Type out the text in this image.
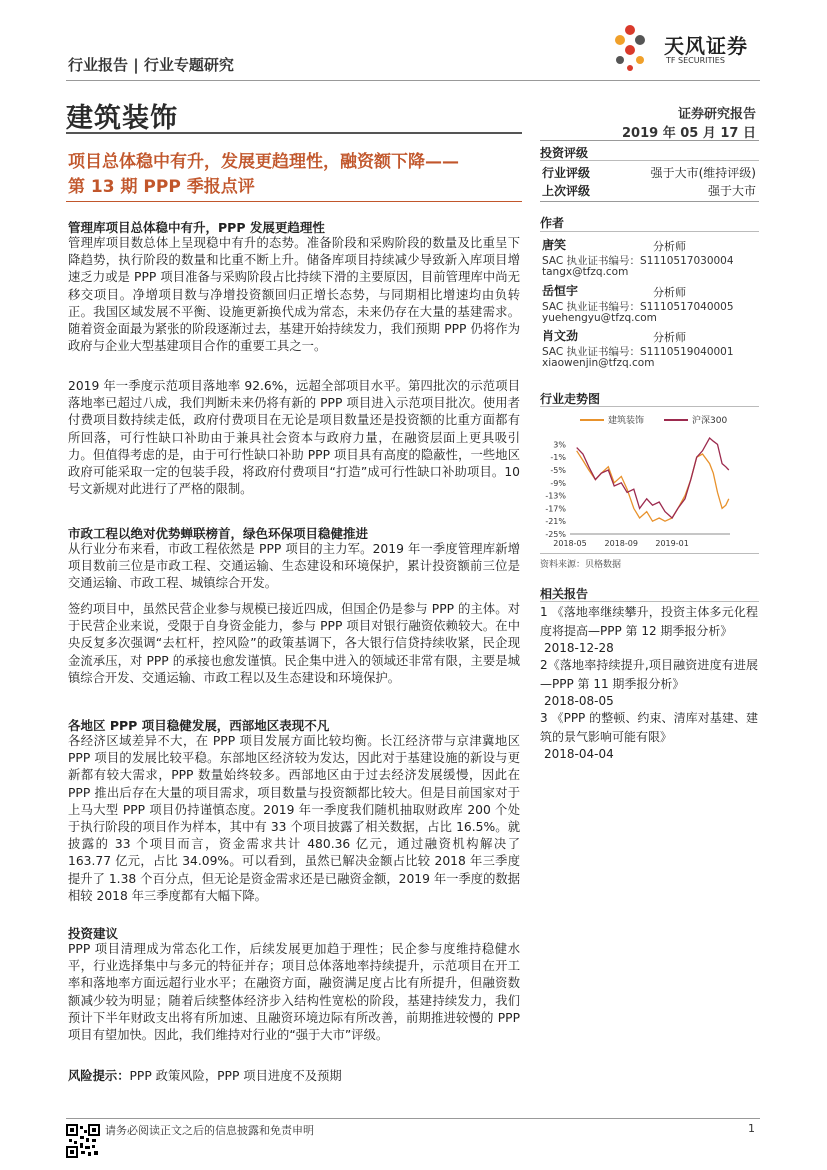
行业报告 | 行业专题研究
天风证券
TF SECURITIES
建筑装饰	证券研究报告
2019 年 05 月 17 日
项目总体稳中有升，发展更趋理性，融资额下降——
第 13 期 PPP 季报点评
管理库项目总体稳中有升，PPP 发展更趋理性

管理库项目数总体上呈现稳中有升的态势。准备阶段和采购阶段的数量及比重呈下降趋势，执行阶段的数量和比重不断上升。储备库项目持续减少导致新入库项目增速乏力或是 PPP 项目准备与采购阶段占比持续下滑的主要原因，目前管理库中尚无移交项目。净增项目数与净增投资额回归正增长态势，与同期相比增速均由负转正。我国区域发展不平衡、设施更新换代成为常态，未来仍存在大量的基建需求。随着资金面最为紧张的阶段逐渐过去，基建开始持续发力，我们预期 PPP 仍将作为政府与企业大型基建项目合作的重要工具之一。

2019 年一季度示范项目落地率 92.6%，远超全部项目水平。第四批次的示范项目落地率已超过八成，我们判断未来仍将有新的 PPP 项目进入示范项目批次。使用者付费项目数持续走低，政府付费项目在无论是项目数量还是投资额的比重方面都有所回落，可行性缺口补助由于兼具社会资本与政府力量，在融资层面上更具吸引力。但值得考虑的是，由于可行性缺口补助 PPP 项目具有高度的隐蔽性，一些地区政府可能采取一定的包装手段，将政府付费项目“打造”成可行性缺口补助项目。10 号文新规对此进行了严格的限制。

市政工程以绝对优势蝉联榜首，绿色环保项目稳健推进

从行业分布来看，市政工程依然是 PPP 项目的主力军。2019 年一季度管理库新增项目数前三位是市政工程、交通运输、生态建设和环境保护，累计投资额前三位是交通运输、市政工程、城镇综合开发。

签约项目中，虽然民营企业参与规模已接近四成，但国企仍是参与 PPP 的主体。对于民营企业来说，受限于自身资金能力，参与 PPP 项目对银行融资依赖较大。在中央反复多次强调“去杠杆，控风险”的政策基调下，各大银行信贷持续收紧，民企现金流承压，对 PPP 的承接也愈发谨慎。民企集中进入的领域还非常有限，主要是城镇综合开发、交通运输、市政工程以及生态建设和环境保护。

各地区 PPP 项目稳健发展，西部地区表现不凡

各经济区域差异不大，在 PPP 项目发展方面比较均衡。长江经济带与京津冀地区 PPP 项目的发展比较平稳。东部地区经济较为发达，因此对于基建设施的新设与更新都有较大需求，PPP 数量始终较多。西部地区由于过去经济发展缓慢，因此在 PPP 推出后存在大量的项目需求，项目数量与投资额都比较大。但是目前国家对于上马大型 PPP 项目仍持谨慎态度。2019 年一季度我们随机抽取财政库 200 个处于执行阶段的项目作为样本，其中有 33 个项目披露了相关数据，占比 16.5%。就披露的 33 个项目而言，资金需求共计 480.36 亿元，通过融资机构解决了 163.77 亿元，占比 34.09%。可以看到，虽然已解决金额占比较 2018 年三季度提升了 1.38 个百分点，但无论是资金需求还是已融资金额，2019 年一季度的数据相较 2018 年三季度都有大幅下降。

投资建议

PPP 项目清理成为常态化工作，后续发展更加趋于理性；民企参与度维持稳健水平，行业选择集中与多元的特征并存；项目总体落地率持续提升，示范项目在开工率和落地率方面远超行业水平；在融资方面，融资满足度占比有所提升，但融资数额减少较为明显；随着后续整体经济步入结构性宽松的阶段，基建持续发力，我们预计下半年财政支出将有所加速、且融资环境边际有所改善，前期推进较慢的 PPP 项目有望加快。因此，我们维持对行业的“强于大市”评级。

风险提示：PPP 政策风险，PPP 项目进度不及预期
投资评级
行业评级	强于大市(维持评级)
上次评级	强于大市
作者
唐笑	分析师
SAC 执业证书编号：S1110517030004
tangx@tfzq.com
岳恒宇	分析师
SAC 执业证书编号：S1110517040005
yuehengyu@tfzq.com
肖文劲	分析师
SAC 执业证书编号：S1110519040001
xiaowenjin@tfzq.com
行业走势图
建筑装饰	沪深300
3%
-1%
-5%
-9%
-13%
-17%
-21%
-25%
2018-05 2018-09 2019-01
资料来源：贝格数据
相关报告
1 《落地率继续攀升，投资主体多元化程度将提高—PPP 第 12 期季报分析》
2018-12-28
2《落地率持续提升,项目融资进度有进展—PPP 第 11 期季报分析》
2018-08-05
3 《PPP 的整顿、约束、清库对基建、建筑的景气影响可能有限》
2018-04-04
请务必阅读正文之后的信息披露和免责申明	1
